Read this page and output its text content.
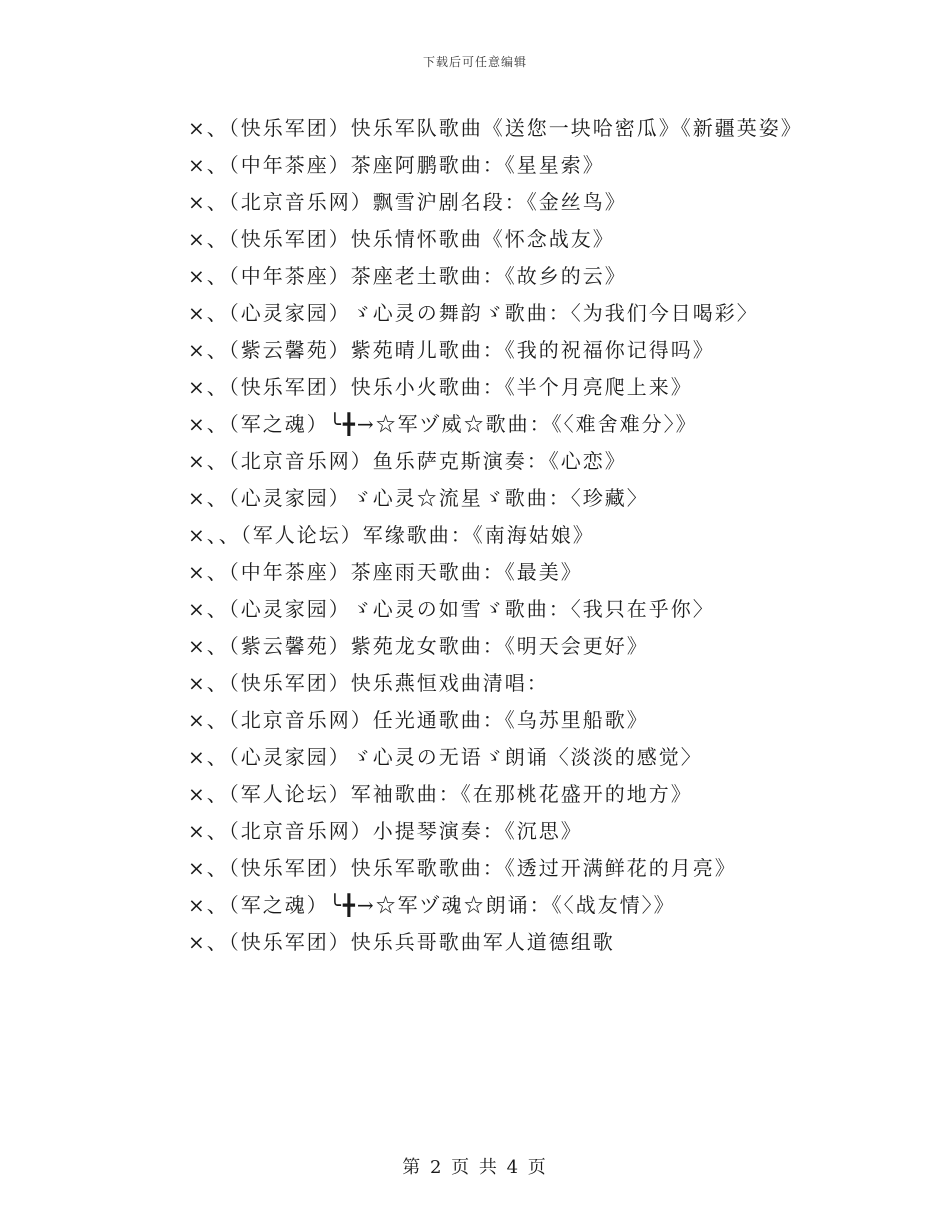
下载后可任意编辑
×、（快乐军团）快乐军队歌曲《送您一块哈密瓜》《新疆英姿》
×、（中年茶座）茶座阿鹏歌曲：《星星索》
×、（北京音乐网）飘雪沪剧名段：《金丝鸟》
×、（快乐军团）快乐情怀歌曲《怀念战友》
×、（中年茶座）茶座老土歌曲：《故乡的云》
×、（心灵家园）ゞ心灵の舞韵ゞ歌曲：〈为我们今日喝彩〉
×、（紫云馨苑）紫苑晴儿歌曲：《我的祝福你记得吗》
×、（快乐军团）快乐小火歌曲：《半个月亮爬上来》
×、（军之魂）╰╋→☆军ヅ威☆歌曲：《〈难舍难分〉》
×、（北京音乐网）鱼乐萨克斯演奏：《心恋》
×、（心灵家园）ゞ心灵☆流星ゞ歌曲：〈珍藏〉
×、、（军人论坛）军缘歌曲：《南海姑娘》
×、（中年茶座）茶座雨天歌曲：《最美》
×、（心灵家园）ゞ心灵の如雪ゞ歌曲：〈我只在乎你〉
×、（紫云馨苑）紫苑龙女歌曲：《明天会更好》
×、（快乐军团）快乐燕恒戏曲清唱：
×、（北京音乐网）任光通歌曲：《乌苏里船歌》
×、（心灵家园）ゞ心灵の无语ゞ朗诵〈淡淡的感觉〉
×、（军人论坛）军袖歌曲：《在那桃花盛开的地方》
×、（北京音乐网）小提琴演奏：《沉思》
×、（快乐军团）快乐军歌歌曲：《透过开满鲜花的月亮》
×、（军之魂）╰╋→☆军ヅ魂☆朗诵：《〈战友情〉》
×、（快乐军团）快乐兵哥歌曲军人道德组歌
第 2 页 共 4 页
